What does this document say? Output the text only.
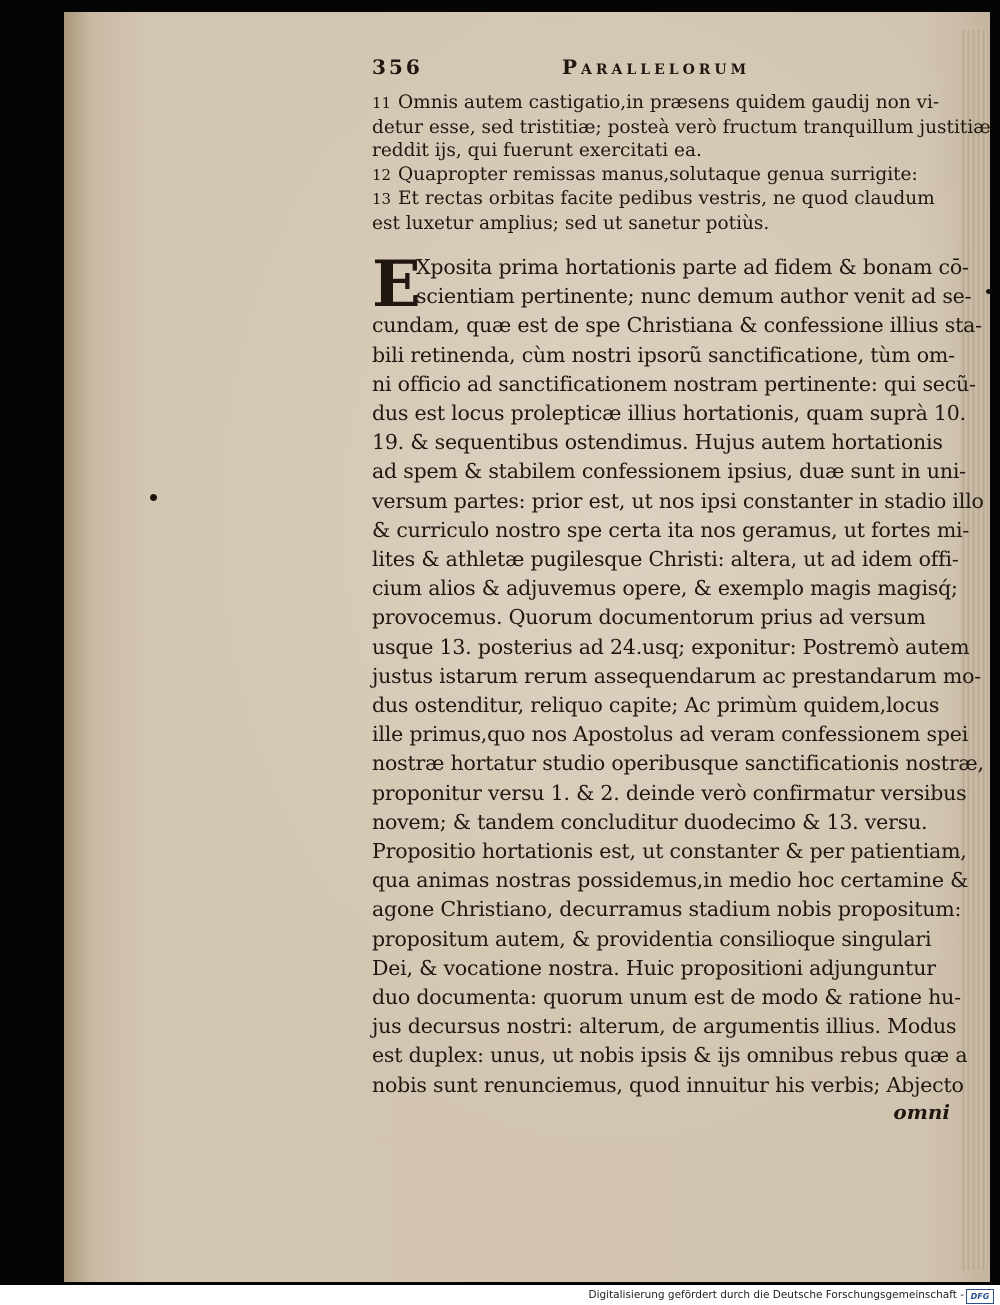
356	Parallelorum

11 Omnis autem castigatio,in præsens quidem gaudij non vi-

detur esse, sed tristitiæ; posteà verò fructum tranquillum justitiæ

reddit ijs, qui fuerunt exercitati ea.

12 Quapropter remissas manus,solutaque genua surrigite:

13 Et rectas orbitas facite pedibus vestris, ne quod claudum

est luxetur amplius; sed ut sanetur potiùs.

E

Xposita prima hortationis parte ad fidem & bonam cō-

scientiam pertinente; nunc demum author venit ad se-

cundam, quæ est de spe Christiana & confessione illius sta-

bili retinenda, cùm nostri ipsorũ sanctificatione, tùm om-

ni officio ad sanctificationem nostram pertinente: qui secũ-

dus est locus prolepticæ illius hortationis, quam suprà 10.

19. & sequentibus ostendimus. Hujus autem hortationis

ad spem & stabilem confessionem ipsius, duæ sunt in uni-

versum partes: prior est, ut nos ipsi constanter in stadio illo

& curriculo nostro spe certa ita nos geramus, ut fortes mi-

lites & athletæ pugilesque Christi: altera, ut ad idem offi-

cium alios & adjuvemus opere, & exemplo magis magisq́;

provocemus. Quorum documentorum prius ad versum

usque 13. posterius ad 24.usq; exponitur: Postremò autem

justus istarum rerum assequendarum ac prestandarum mo-

dus ostenditur, reliquo capite; Ac primùm quidem,locus

ille primus,quo nos Apostolus ad veram confessionem spei

nostræ hortatur studio operibusque sanctificationis nostræ,

proponitur versu 1. & 2. deinde verò confirmatur versibus

novem; & tandem concluditur duodecimo & 13. versu.

Propositio hortationis est, ut constanter & per patientiam,

qua animas nostras possidemus,in medio hoc certamine &

agone Christiano, decurramus stadium nobis propositum:

propositum autem, & providentia consilioque singulari

Dei, & vocatione nostra. Huic propositioni adjunguntur

duo documenta: quorum unum est de modo & ratione hu-

jus decursus nostri: alterum, de argumentis illius. Modus

est duplex: unus, ut nobis ipsis & ijs omnibus rebus quæ a

nobis sunt renunciemus, quod innuitur his verbis; Abjecto

omni

Digitalisierung gefördert durch die Deutsche Forschungsgemeinschaft - DFG
